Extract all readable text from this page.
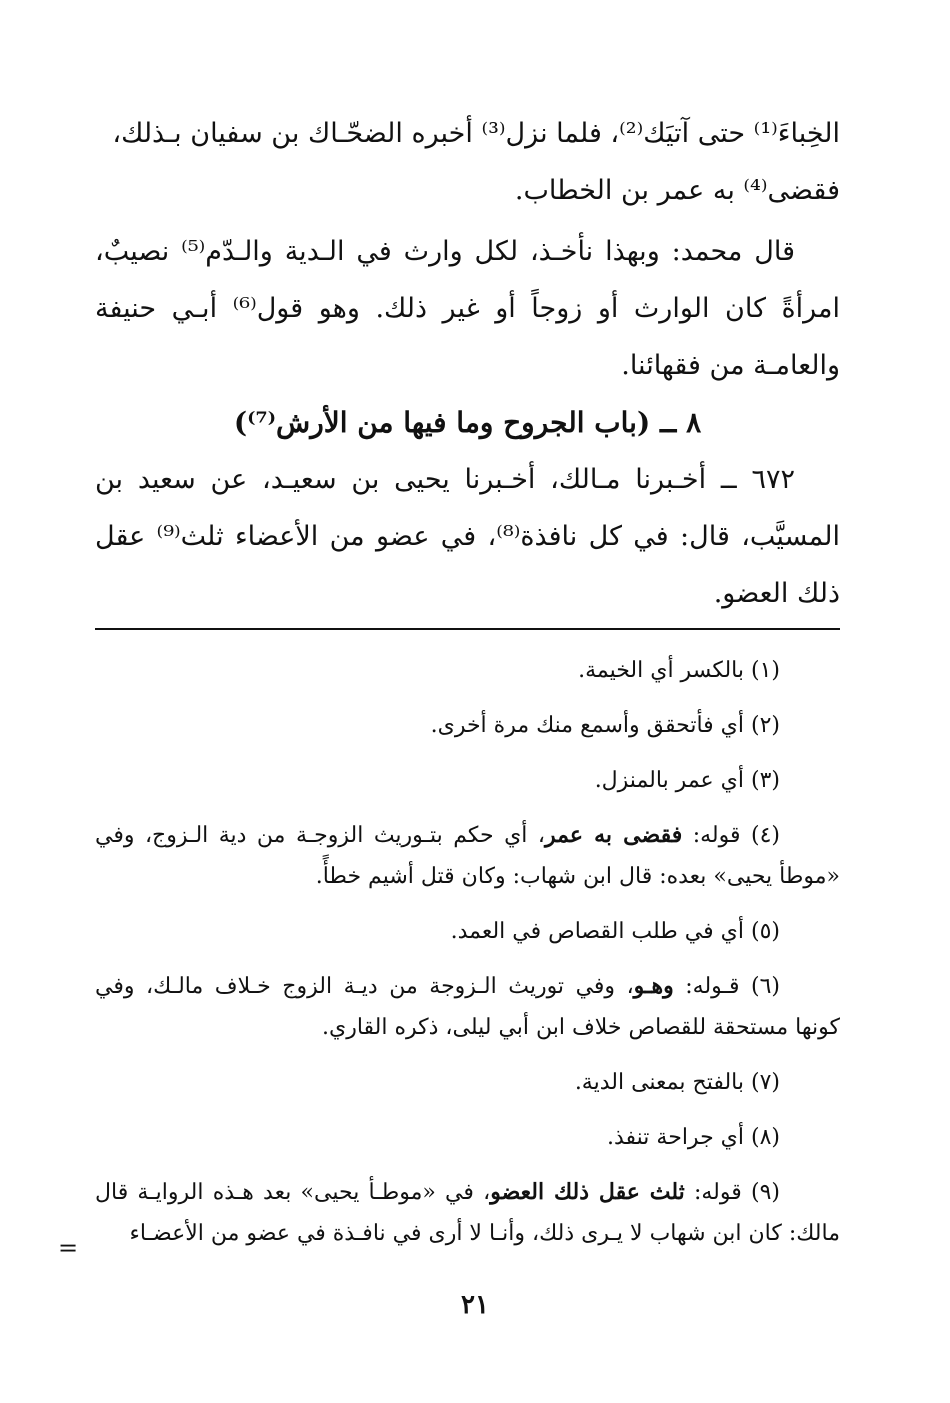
الخِباءَ⁽¹⁾ حتى آتيَك⁽²⁾، فلما نزل⁽³⁾ أخبره الضحّـاك بن سفيان بـذلك،

فقضى⁽⁴⁾ به عمر بن الخطاب.

قال محمد: وبهذا نأخـذ، لكل وارث في الـدية والـدّم⁽⁵⁾ نصيبٌ، امرأةً كان الوارث أو زوجاً أو غير ذلك. وهو قول⁽⁶⁾ أبـي حنيفة والعامـة من فقهائنا.

٨ ــ (باب الجروح وما فيها من الأرش⁽⁷⁾)

٦٧٢ ــ أخـبرنا مـالك، أخـبرنا يحيى بن سعيـد، عن سعيد بن المسيَّب، قال: في كل نافذة⁽⁸⁾، في عضو من الأعضاء ثلث⁽⁹⁾ عقل ذلك العضو.

(١) بالكسر أي الخيمة.

(٢) أي فأتحقق وأسمع منك مرة أخرى.

(٣) أي عمر بالمنزل.

(٤) قوله: فقضى به عمر، أي حكم بتـوريث الزوجـة من دية الـزوج، وفي «موطأ يحيى» بعده: قال ابن شهاب: وكان قتل أشيم خطأً.

(٥) أي في طلب القصاص في العمد.

(٦) قـوله: وهـو، وفي توريث الـزوجة من ديـة الزوج خـلاف مالـك، وفي كونها مستحقة للقصاص خلاف ابن أبي ليلى، ذكره القاري.

(٧) بالفتح بمعنى الدية.

(٨) أي جراحة تنفذ.

(٩) قوله: ثلث عقل ذلك العضو، في «موطـأ يحيى» بعد هـذه الروايـة قال مالك: كان ابن شهاب لا يـرى ذلك، وأنـا لا أرى في نافـذة في عضو من الأعضـاء

=
٢١
